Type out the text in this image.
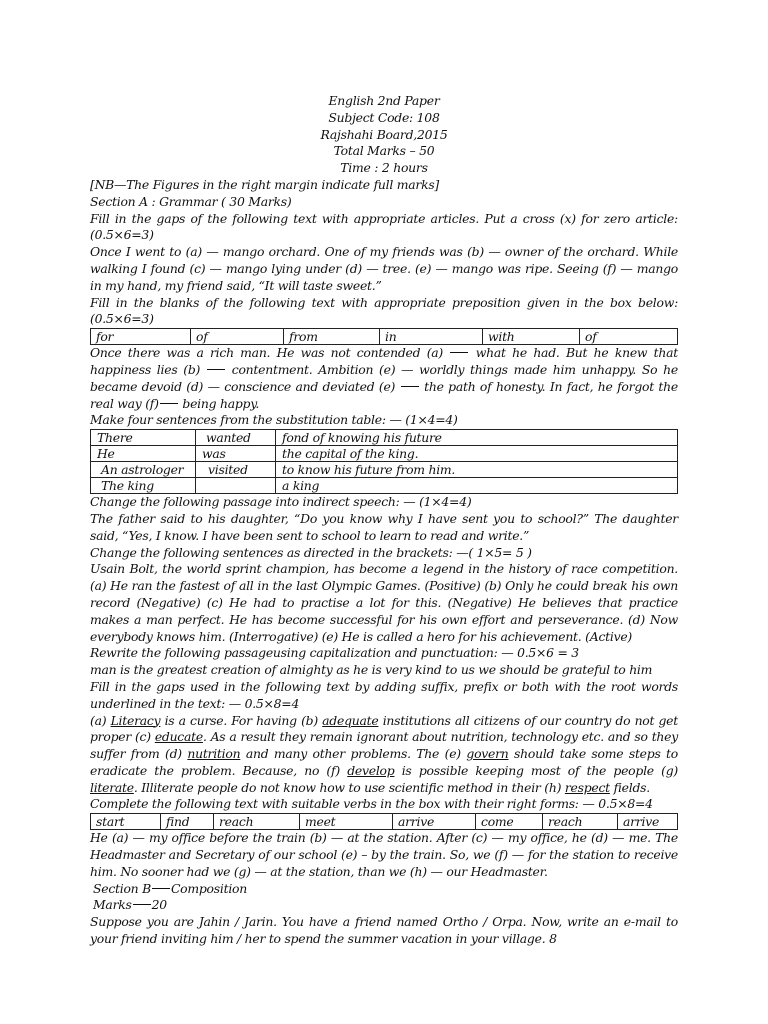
English 2nd Paper

Subject Code: 108

Rajshahi Board,2015

Total Marks – 50

Time : 2 hours

[NB—The Figures in the right margin indicate full marks]

Section A : Grammar ( 30 Marks)

Fill in the gaps of the following text with appropriate articles. Put a cross (x) for zero article: (0.5×6=3)

Once I went to (a) — mango orchard. One of my friends was (b) — owner of the orchard. While walking I found (c) — mango lying under (d) — tree. (e) — mango was ripe. Seeing (f) — mango in my hand, my friend said, “It will taste sweet.”

Fill in the blanks of the following text with appropriate preposition given in the box below: (0.5×6=3)

for	of	from	in	with	of

Once there was a rich man. He was not contended (a)  what he had. But he knew that happiness lies (b)  contentment. Ambition (e) — worldly things made him unhappy. So he became devoid (d) — conscience and deviated (e)  the path of honesty. In fact, he forgot the real way (f) being happy.

Make four sentences from the substitution table: — (1×4=4)

There	wanted	fond of knowing his future
He	was	the capital of the king.
An astrologer	visited	to know his future from him.
The king		a king

Change the following passage into indirect speech: — (1×4=4)

The father said to his daughter, “Do you know why I have sent you to school?” The daughter said, “Yes, I know. I have been sent to school to learn to read and write.”

Change the following sentences as directed in the brackets: —( 1×5= 5 )

Usain Bolt, the world sprint champion, has become a legend in the history of race competition. (a) He ran the fastest of all in the last Olympic Games. (Positive) (b) Only he could break his own record (Negative) (c) He had to practise a lot for this. (Negative) He believes that practice makes a man perfect. He has become successful for his own effort and perseverance. (d) Now everybody knows him. (Interrogative) (e) He is called a hero for his achievement. (Active)

Rewrite the following passageusing capitalization and punctuation: — 0.5×6 = 3

man is the greatest creation of almighty as he is very kind to us we should be grateful to him

Fill in the gaps used in the following text by adding suffix, prefix or both with the root words underlined in the text: — 0.5×8=4

(a) Literacy is a curse. For having (b) adequate institutions all citizens of our country do not get proper (c) educate. As a result they remain ignorant about nutrition, technology etc. and so they suffer from (d) nutrition and many other problems. The (e) govern should take some steps to eradicate the problem. Because, no (f) develop is possible keeping most of the people (g) literate. Illiterate people do not know how to use scientific method in their (h) respect fields.

Complete the following text with suitable verbs in the box with their right forms: — 0.5×8=4

start	find	reach	meet	arrive	come	reach	arrive

He (a) — my office before the train (b) — at the station. After (c) — my office, he (d) — me. The Headmaster and Secretary of our school (e) – by the train. So, we (f) — for the station to receive him. No sooner had we (g) — at the station, than we (h) — our Headmaster.

Section B Composition

Marks 20

Suppose you are Jahin / Jarin. You have a friend named Ortho / Orpa. Now, write an e-mail to your friend inviting him / her to spend the summer vacation in your village. 8
